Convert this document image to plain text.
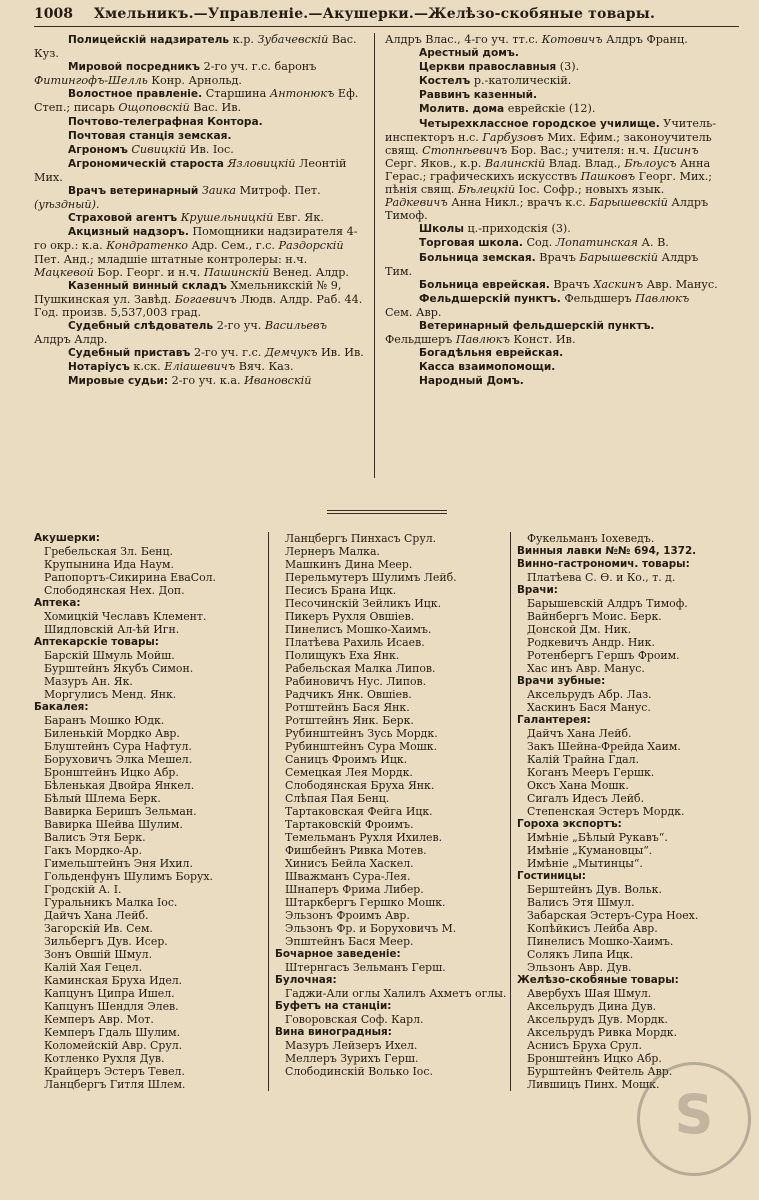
1008	Хмельникъ.—Управленіе.—Акушерки.—Желѣзо-скобяные товары.

Полицейскій надзиратель к.р. Зубачевскій Вас. Куз.

Мировой посредникъ 2-го уч. г.с. баронъ Фитингофъ-Шелль Конр. Арнольд.

Волостное правленіе. Старшина Антонюкъ Еф. Степ.; писарь Ощоповскій Вас. Ив.

Почтово-телеграфная Контора.

Почтовая станція земская.

Агрономъ Сивицкій Ив. Іос.

Агрономическій староста Язловицкій Леонтій Мих.

Врачъ ветеринарный Заика Митроф. Пет. (уѣздный).

Страховой агентъ Крушельницкій Евг. Як.

Акцизный надзоръ. Помощники надзирателя 4-го окр.: к.а. Кондратенко Адр. Сем., г.с. Раздорскій Пет. Анд.; младшіе штатные контролеры: н.ч. Мацкевой Бор. Георг. и н.ч. Пашинскій Венед. Алдр.

Казенный винный складъ Хмельникскій № 9, Пушкинская ул. Завѣд. Богаевичъ Людв. Алдр. Раб. 44. Год. произв. 5,537,003 град.

Судебный слѣдователь 2-го уч. Васильевъ Алдръ Алдр.

Судебный приставъ 2-го уч. г.с. Демчукъ Ив. Ив.

Нотаріусъ к.ск. Еліашевичъ Вяч. Каз.

Мировые судьи: 2-го уч. к.а. Ивановскій

Алдръ Влас., 4-го уч. тт.с. Котовичъ Алдръ Франц.

Арестный домъ.

Церкви православныя (3).

Костелъ р.-католическій.

Раввинъ казенный.

Молитв. дома еврейскіе (12).

Четырехклассное городское училище. Учитель-инспекторъ н.с. Гарбузовъ Мих. Ефим.; законоучитель свящ. Стопнѣевичъ Бор. Вас.; учителя: н.ч. Цисинъ Серг. Яков., к.р. Валинскій Влад. Влад., Бѣлоусъ Анна Герас.; графическихъ искусствъ Пашковъ Георг. Мих.; пѣнія свящ. Бѣлецкій Іос. Софр.; новыхъ язык. Радкевичъ Анна Никл.; врачъ к.с. Барышевскій Алдръ Тимоф.

Школы ц.-приходскія (3).

Торговая школа. Сод. Лопатинская А. В.

Больница земская. Врачъ Барышевскій Алдръ Тим.

Больница еврейская. Врачъ Хаскинъ Авр. Манус.

Фельдшерскій пунктъ. Фельдшеръ Павлюкъ Сем. Авр.

Ветеринарный фельдшерскій пунктъ. Фельдшеръ Павлюкъ Конст. Ив.

Богадѣльня еврейская.

Касса взаимопомощи.

Народный Домъ.

Акушерки:
Гребельская Зл. Бенц.
Крупынина Ида Наум.
Рапопортъ-Сикирина ЕваСол.
Слободянская Нех. Доп.
Аптека:
Хомицкій Чеславъ Клемент.
Шидловскій Ал-ѣй Игн.
Аптекарскіе товары:
Барскій Шмуль Мойш.
Бурштейнъ Якубъ Симон.
Мазуръ Ан. Як.
Моргулисъ Менд. Янк.
Бакалея:
Баранъ Мошко Юдк.
Биленькій Мордко Авр.
Блуштейнъ Сура Нафтул.
Боруховичъ Элка Мешел.
Бронштейнъ Ицко Абр.
Бѣленькая Двойра Янкел.
Бѣлый Шлема Берк.
Вавирка Беришъ Зельман.
Вавирка Шейва Шулим.
Валисъ Этя Берк.
Гакъ Мордко-Ар.
Гимельштейнъ Эня Ихил.
Гольденфунъ Шулимъ Борух.
Гродскій А. І.
Гуральникъ Малка Іос.
Дайчъ Хана Лейб.
Загорскій Ив. Сем.
Зильбергъ Дув. Исер.
Зонъ Овшій Шмул.
Калій Хая Гецел.
Каминская Бруха Идел.
Капцунъ Ципра Ишел.
Капцунъ Шендля Элев.
Кемперъ Авр. Мот.
Кемперъ Гдаль Шулим.
Коломейскій Авр. Срул.
Котленко Рухля Дув.
Крайцеръ Эстеръ Тевел.
Ланцбергъ Гитля Шлем.
Ланцбергъ Пинхасъ Срул.
Лернеръ Малка.
Машкинъ Дина Меер.
Перельмутеръ Шулимъ Лейб.
Песисъ Брана Ицк.
Песочинскій Зейликъ Ицк.
Пикеръ Рухля Овшіев.
Пинелисъ Мошко-Хаимъ.
Платѣева Рахиль Исаев.
Полищукъ Еха Янк.
Рабельская Малка Липов.
Рабиновичъ Нус. Липов.
Радчикъ Янк. Овшіев.
Ротштейнъ Бася Янк.
Ротштейнъ Янк. Берк.
Рубинштейнъ Зусь Мордк.
Рубинштейнъ Сура Мошк.
Саницъ Фроимъ Ицк.
Семецкая Лея Мордк.
Слободянская Бруха Янк.
Слѣпая Пая Бенц.
Тартаковская Фейга Ицк.
Тартаковскій Фроимъ.
Темельманъ Рухля Ихилев.
Фишбейнъ Ривка Мотев.
Хинисъ Бейла Хаскел.
Шважманъ Сура-Лея.
Шнаперъ Фрима Либер.
Штаркбергъ Гершко Мошк.
Эльзонъ Фроимъ Авр.
Эльзонъ Фр. и Боруховичъ М.
Эпштейнъ Бася Меер.
Бочарное заведеніе:
Штернгасъ Зельманъ Герш.
Булочная:
Гаджи-Али оглы Халилъ Ахметъ оглы.
Буфетъ на станціи:
Говоровская Соф. Карл.
Вина виноградныя:
Мазуръ Лейзеръ Ихел.
Меллеръ Зурихъ Герш.
Слободинскій Волько Іос.
Фукельманъ Іохеведъ.
Винныя лавки №№ 694, 1372.
Винно-гастрономич. товары:
Платѣева С. Ө. и Ко., т. д.
Врачи:
Барышевскій Алдръ Тимоф.
Вайнбергъ Моис. Берк.
Донской Дм. Ник.
Родкевичъ Андр. Ник.
Ротенбергъ Гершъ Фроим.
Хас инъ Авр. Манус.
Врачи зубные:
Аксельрудъ Абр. Лаз.
Хаскинъ Бася Манус.
Галантерея:
Дайчъ Хана Лейб.
Закъ Шейна-Фрейда Хаим.
Калій Трайна Гдал.
Коганъ Мееръ Гершк.
Оксъ Хана Мошк.
Сигалъ Идесъ Лейб.
Степенская Эстеръ Мордк.
Гороха экспортъ:
Имѣніе „Бѣлый Рукавъ“.
Имѣніе „Кумановцы“.
Имѣніе „Мытинцы“.
Гостиницы:
Берштейнъ Дув. Вольк.
Валисъ Этя Шмул.
Забарская Эстеръ-Сура Ноех.
Копѣйкисъ Лейба Авр.
Пинелисъ Мошко-Хаимъ.
Солякъ Липа Ицк.
Эльзонъ Авр. Дув.
Желѣзо-скобяные товары:
Авербухъ Шая Шмул.
Аксельрудъ Дина Дув.
Аксельрудъ Дув. Мордк.
Аксельрудъ Ривка Мордк.
Аснисъ Бруха Срул.
Бронштейнъ Ицко Абр.
Бурштейнъ Фейтель Авр.
Лившицъ Пинх. Мошк. S
